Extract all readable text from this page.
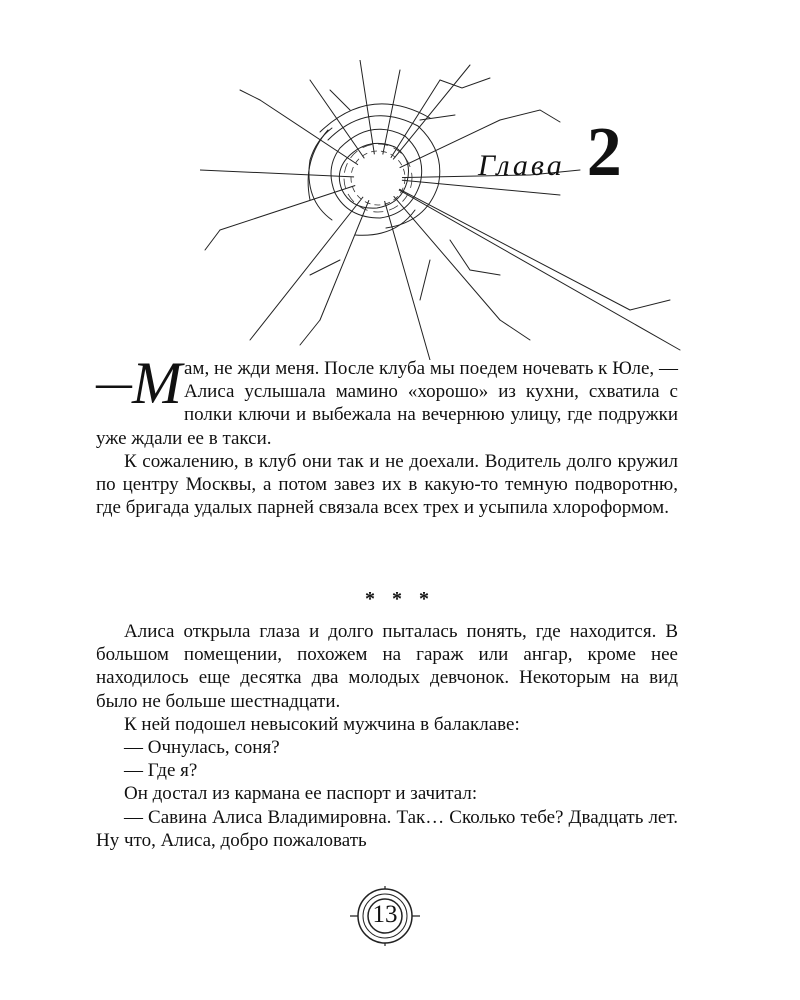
Глава 2

— М ам, не жди меня. После клуба мы поедем ночевать к Юле, — Алиса услышала мамино «хорошо» из кухни, схватила с полки ключи и выбежала на вечернюю улицу, где подружки уже ждали ее в такси.

К сожалению, в клуб они так и не доехали. Водитель долго кружил по центру Москвы, а потом завез их в какую-то темную подворотню, где бригада удалых парней связала всех трех и усыпила хлороформом.

* * *

Алиса открыла глаза и долго пыталась понять, где находится. В большом помещении, похожем на гараж или ангар, кроме нее находилось еще десятка два молодых девчонок. Некоторым на вид было не больше шестнадцати.

К ней подошел невысокий мужчина в балаклаве:

— Очнулась, соня?

— Где я?

Он достал из кармана ее паспорт и зачитал:

— Савина Алиса Владимировна. Так… Сколько тебе? Двадцать лет. Ну что, Алиса, добро пожаловать

13
